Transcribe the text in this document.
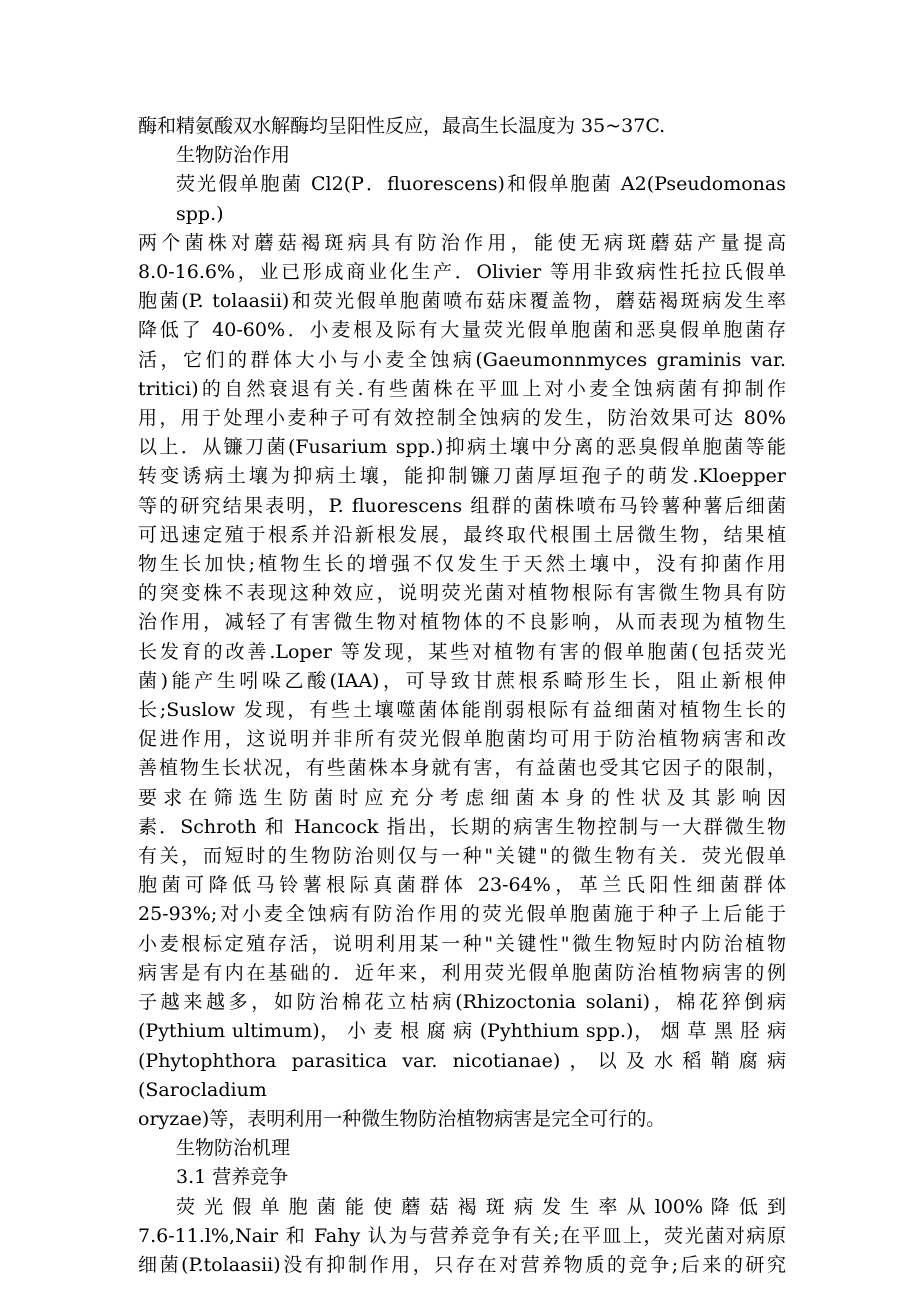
酶和精氨酸双水解酶均呈阳性反应，最高生长温度为 35~37C.

生物防治作用

荧光假单胞菌 Cl2(P．fluorescens)和假单胞菌 A2(Pseudomonas spp.)

两个菌株对蘑菇褐斑病具有防治作用，能使无病斑蘑菇产量提高

8.0-16.6%，业已形成商业化生产．Olivier 等用非致病性托拉氏假单

胞菌(P. tolaasii)和荧光假单胞菌喷布菇床覆盖物，蘑菇褐斑病发生率

降低了 40-60%．小麦根及际有大量荧光假单胞菌和恶臭假单胞菌存

活，它们的群体大小与小麦全蚀病(Gaeumonnmyces graminis var.

tritici)的自然衰退有关.有些菌株在平皿上对小麦全蚀病菌有抑制作

用，用于处理小麦种子可有效控制全蚀病的发生，防治效果可达 80%

以上．从镰刀菌(Fusarium spp.)抑病土壤中分离的恶臭假单胞菌等能

转变诱病土壤为抑病土壤，能抑制镰刀菌厚垣孢子的萌发.Kloepper

等的研究结果表明，P. fluorescens 组群的菌株喷布马铃薯种薯后细菌

可迅速定殖于根系并沿新根发展，最终取代根围土居微生物，结果植

物生长加快;植物生长的增强不仅发生于天然土壤中，没有抑菌作用

的突变株不表现这种效应，说明荧光菌对植物根际有害微生物具有防

治作用，减轻了有害微生物对植物体的不良影响，从而表现为植物生

长发育的改善.Loper 等发现，某些对植物有害的假单胞菌(包括荧光

菌)能产生吲哚乙酸(IAA)，可导致甘蔗根系畸形生长，阻止新根伸

长;Suslow 发现，有些土壤噬菌体能削弱根际有益细菌对植物生长的

促进作用，这说明并非所有荧光假单胞菌均可用于防治植物病害和改

善植物生长状况，有些菌株本身就有害，有益菌也受其它因子的限制，

要求在筛选生防菌时应充分考虑细菌本身的性状及其影响因

素．Schroth 和 Hancock 指出，长期的病害生物控制与一大群微生物

有关，而短时的生物防治则仅与一种"关键"的微生物有关．荧光假单

胞菌可降低马铃薯根际真菌群体 23-64%，革兰氏阳性细菌群体

25-93%;对小麦全蚀病有防治作用的荧光假单胞菌施于种子上后能于

小麦根标定殖存活，说明利用某一种"关键性"微生物短时内防治植物

病害是有内在基础的．近年来，利用荧光假单胞菌防治植物病害的例

子越来越多，如防治棉花立枯病(Rhizoctonia solani)，棉花猝倒病

(Pythium ultimum)， 小 麦 根 腐 病 (Pyhthium spp.)， 烟 草 黑 胫 病

(Phytophthora parasitica var. nicotianae)，以及水稻鞘腐病(Sarocladium

oryzae)等，表明利用一种微生物防治植物病害是完全可行的。

生物防治机理

3.1 营养竞争

荧 光 假 单 胞 菌 能 使 蘑 菇 褐 斑 病 发 生 率 从 l00% 降 低 到

7.6-11.l%,Nair 和 Fahy 认为与营养竞争有关;在平皿上，荧光菌对病原

细菌(P.tolaasii)没有抑制作用，只存在对营养物质的竞争;后来的研究
